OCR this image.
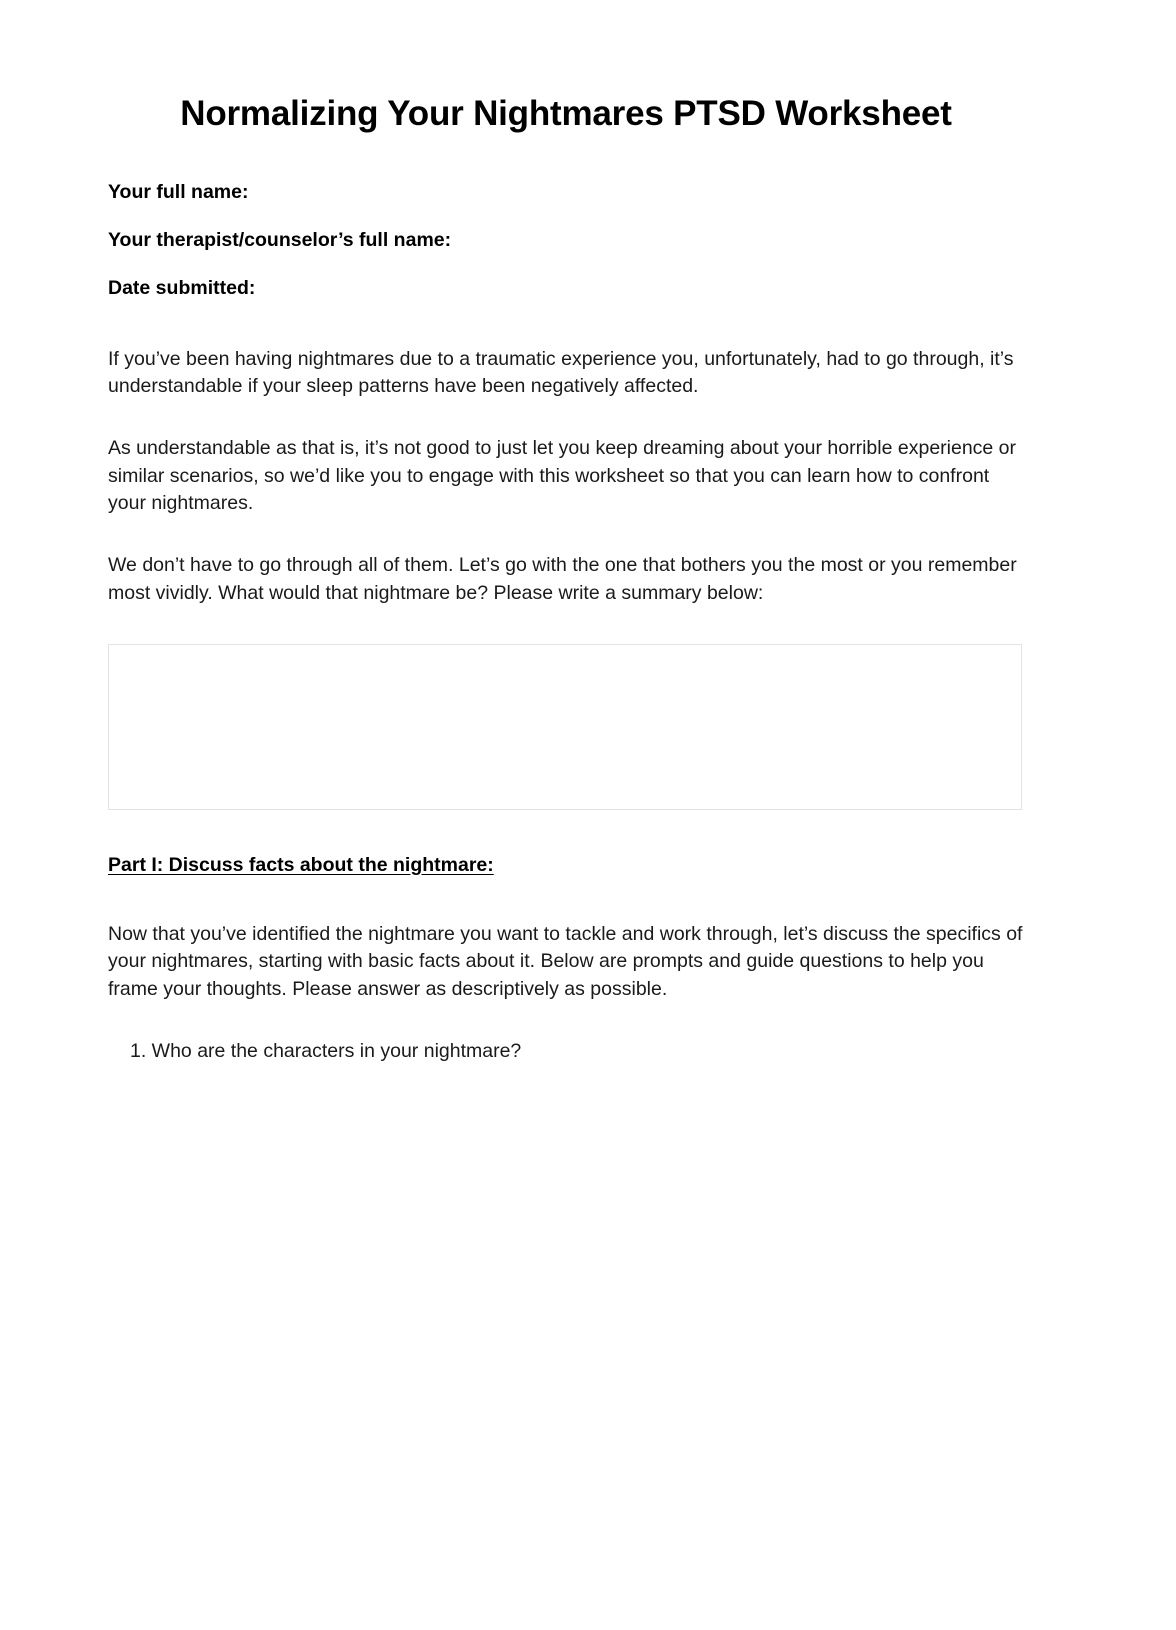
Normalizing Your Nightmares PTSD Worksheet
Your full name:
Your therapist/counselor’s full name:
Date submitted:

If you’ve been having nightmares due to a traumatic experience you, unfortunately, had to go through, it’s understandable if your sleep patterns have been negatively affected.

As understandable as that is, it’s not good to just let you keep dreaming about your horrible experience or similar scenarios, so we’d like you to engage with this worksheet so that you can learn how to confront your nightmares.

We don’t have to go through all of them. Let’s go with the one that bothers you the most or you remember most vividly. What would that nightmare be? Please write a summary below:

Part I: Discuss facts about the nightmare:

Now that you’ve identified the nightmare you want to tackle and work through, let’s discuss the specifics of your nightmares, starting with basic facts about it. Below are prompts and guide questions to help you frame your thoughts. Please answer as descriptively as possible.

1. Who are the characters in your nightmare?
